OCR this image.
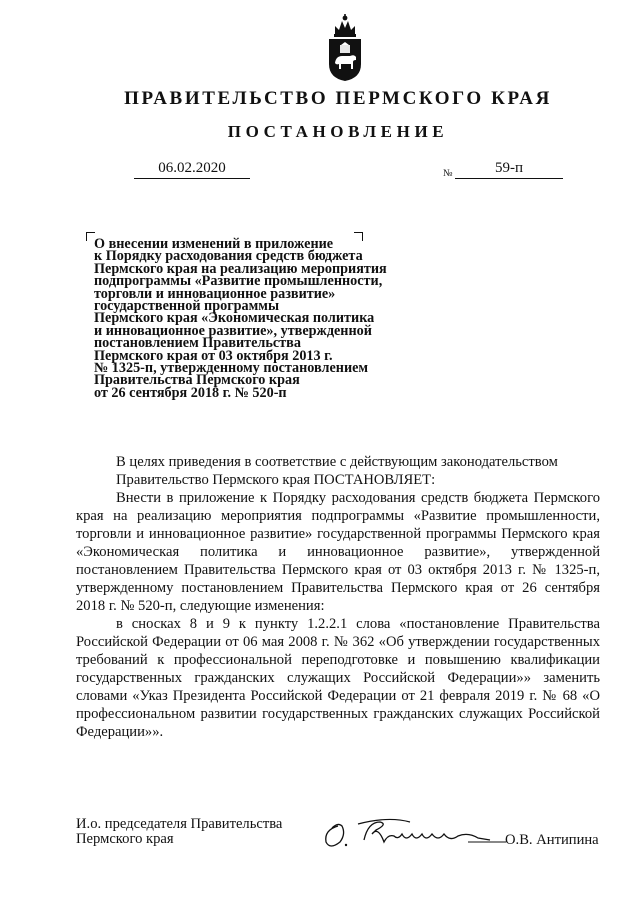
ПРАВИТЕЛЬСТВО ПЕРМСКОГО КРАЯ
ПОСТАНОВЛЕНИЕ
06.02.2020	№	59-п
О внесении изменений в приложение
к Порядку расходования средств бюджета
Пермского края на реализацию мероприятия
подпрограммы «Развитие промышленности,
торговли и инновационное развитие»
государственной программы
Пермского края «Экономическая политика
и инновационное развитие», утвержденной
постановлением Правительства
Пермского края от 03 октября 2013 г.
№ 1325-п, утвержденному постановлением
Правительства Пермского края
от 26 сентября 2018 г. № 520-п

В целях приведения в соответствие с действующим законодательством

Правительство Пермского края ПОСТАНОВЛЯЕТ:

Внести в приложение к Порядку расходования средств бюджета Пермского края на реализацию мероприятия подпрограммы «Развитие промышленности, торговли и инновационное развитие» государственной программы Пермского края «Экономическая политика и инновационное развитие», утвержденной постановлением Правительства Пермского края от 03 октября 2013 г. № 1325-п, утвержденному постановлением Правительства Пермского края от 26 сентября 2018 г. № 520-п, следующие изменения:

в сносках 8 и 9 к пункту 1.2.2.1 слова «постановление Правительства Российской Федерации от 06 мая 2008 г. № 362 «Об утверждении государственных требований к профессиональной переподготовке и повышению квалификации государственных гражданских служащих Российской Федерации»» заменить словами «Указ Президента Российской Федерации от 21 февраля 2019 г. № 68 «О профессиональном развитии государственных гражданских служащих Российской Федерации»».

И.о. председателя Правительства
Пермского края	О.В. Антипина
